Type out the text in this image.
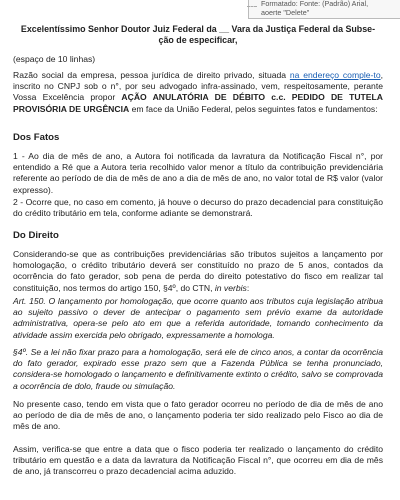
Formatado: Fonte: (Padrão) Arial,
aoerte "Delete"

Excelentíssimo Senhor Doutor Juiz Federal da __ Vara da Justiça Federal da Subse-
ção de especificar,

(espaço de 10 linhas)

Razão social da empresa, pessoa jurídica de direito privado, situada na endereço comple-to, inscrito no CNPJ sob o n°, por seu advogado infra-assinado, vem, respeitosamente, perante Vossa Excelência propor AÇÃO ANULATÓRIA DE DÉBITO c.c. PEDIDO DE TUTELA PROVISÓRIA DE URGÊNCIA em face da União Federal, pelos seguintes fatos e fundamentos:

Dos Fatos

1 - Ao dia de mês de ano, a Autora foi notificada da lavratura da Notificação Fiscal n°, por entendido a Ré que a Autora teria recolhido valor menor a título da contribuição previdenciária referente ao período de dia de mês de ano a dia de mês de ano, no valor total de R$ valor (valor expresso).

2 - Ocorre que, no caso em comento, já houve o decurso do prazo decadencial para constituição do crédito tributário em tela, conforme adiante se demonstrará.

Do Direito

Considerando-se que as contribuições previdenciárias são tributos sujeitos a lançamento por homologação, o crédito tributário deverá ser constituído no prazo de 5 anos, contados da ocorrência do fato gerador, sob pena de perda do direito potestativo do fisco em realizar tal constituição, nos termos do artigo 150, §4º, do CTN, in verbis:

Art. 150. O lançamento por homologação, que ocorre quanto aos tributos cuja legislação atribua ao sujeito passivo o dever de antecipar o pagamento sem prévio exame da autoridade administrativa, opera-se pelo ato em que a referida autoridade, tomando conhecimento da atividade assim exercida pelo obrigado, expressamente a homologa.

§4º. Se a lei não fixar prazo para a homologação, será ele de cinco anos, a contar da ocorrência do fato gerador, expirado esse prazo sem que a Fazenda Pública se tenha pronunciado, considera-se homologado o lançamento e definitivamente extinto o crédito, salvo se comprovada a ocorrência de dolo, fraude ou simulação.

No presente caso, tendo em vista que o fato gerador ocorreu no período de dia de mês de ano ao período de dia de mês de ano, o lançamento poderia ter sido realizado pelo Fisco ao dia de mês de ano.

Assim, verifica-se que entre a data que o fisco poderia ter realizado o lançamento do crédito tributário em questão e a data da lavratura da Notificação Fiscal n°, que ocorreu em dia de mês de ano, já transcorreu o prazo decadencial acima aduzido.
